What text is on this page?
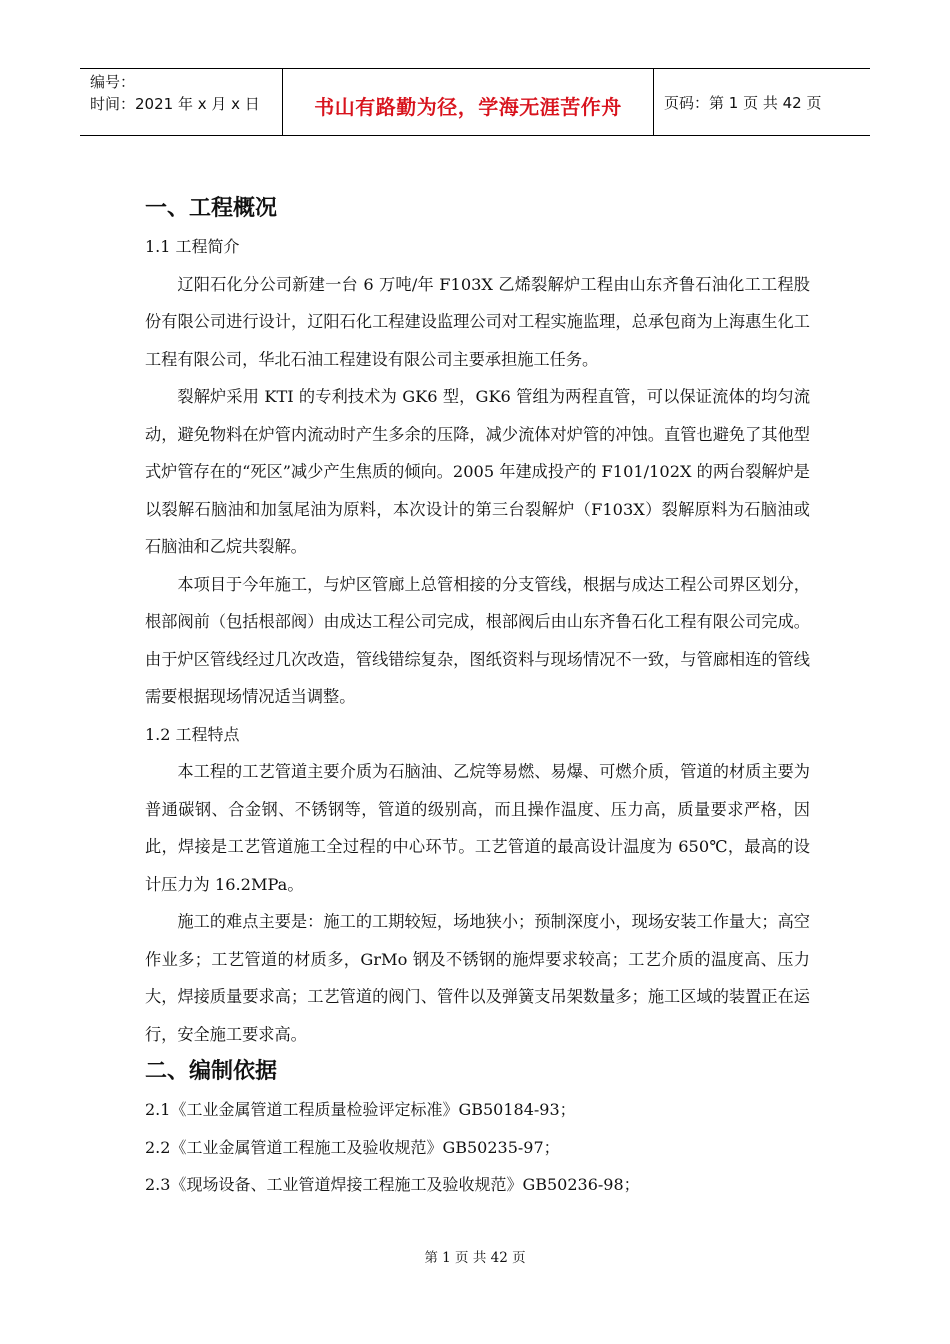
编号：
时间：2021 年 x 月 x 日	书山有路勤为径，学海无涯苦作舟	页码：第 1 页 共 42 页
一、工程概况

1.1 工程简介

辽阳石化分公司新建一台 6 万吨/年 F103X 乙烯裂解炉工程由山东齐鲁石油化工工程股份有限公司进行设计，辽阳石化工程建设监理公司对工程实施监理，总承包商为上海惠生化工工程有限公司，华北石油工程建设有限公司主要承担施工任务。

裂解炉采用 KTI 的专利技术为 GK6 型，GK6 管组为两程直管，可以保证流体的均匀流动，避免物料在炉管内流动时产生多余的压降，减少流体对炉管的冲蚀。直管也避免了其他型式炉管存在的“死区”减少产生焦质的倾向。2005 年建成投产的 F101/102X 的两台裂解炉是以裂解石脑油和加氢尾油为原料，本次设计的第三台裂解炉（F103X）裂解原料为石脑油或石脑油和乙烷共裂解。

本项目于今年施工，与炉区管廊上总管相接的分支管线，根据与成达工程公司界区划分，根部阀前（包括根部阀）由成达工程公司完成，根部阀后由山东齐鲁石化工程有限公司完成。由于炉区管线经过几次改造，管线错综复杂，图纸资料与现场情况不一致，与管廊相连的管线需要根据现场情况适当调整。

1.2 工程特点

本工程的工艺管道主要介质为石脑油、乙烷等易燃、易爆、可燃介质，管道的材质主要为普通碳钢、合金钢、不锈钢等，管道的级别高，而且操作温度、压力高，质量要求严格，因此，焊接是工艺管道施工全过程的中心环节。工艺管道的最高设计温度为 650℃，最高的设计压力为 16.2MPa。

施工的难点主要是：施工的工期较短，场地狭小；预制深度小，现场安装工作量大；高空作业多；工艺管道的材质多，GrMo 钢及不锈钢的施焊要求较高；工艺介质的温度高、压力大，焊接质量要求高；工艺管道的阀门、管件以及弹簧支吊架数量多；施工区域的装置正在运行，安全施工要求高。

二、编制依据

2.1《工业金属管道工程质量检验评定标准》GB50184-93；

2.2《工业金属管道工程施工及验收规范》GB50235-97；

2.3《现场设备、工业管道焊接工程施工及验收规范》GB50236-98；

第 1 页 共 42 页
